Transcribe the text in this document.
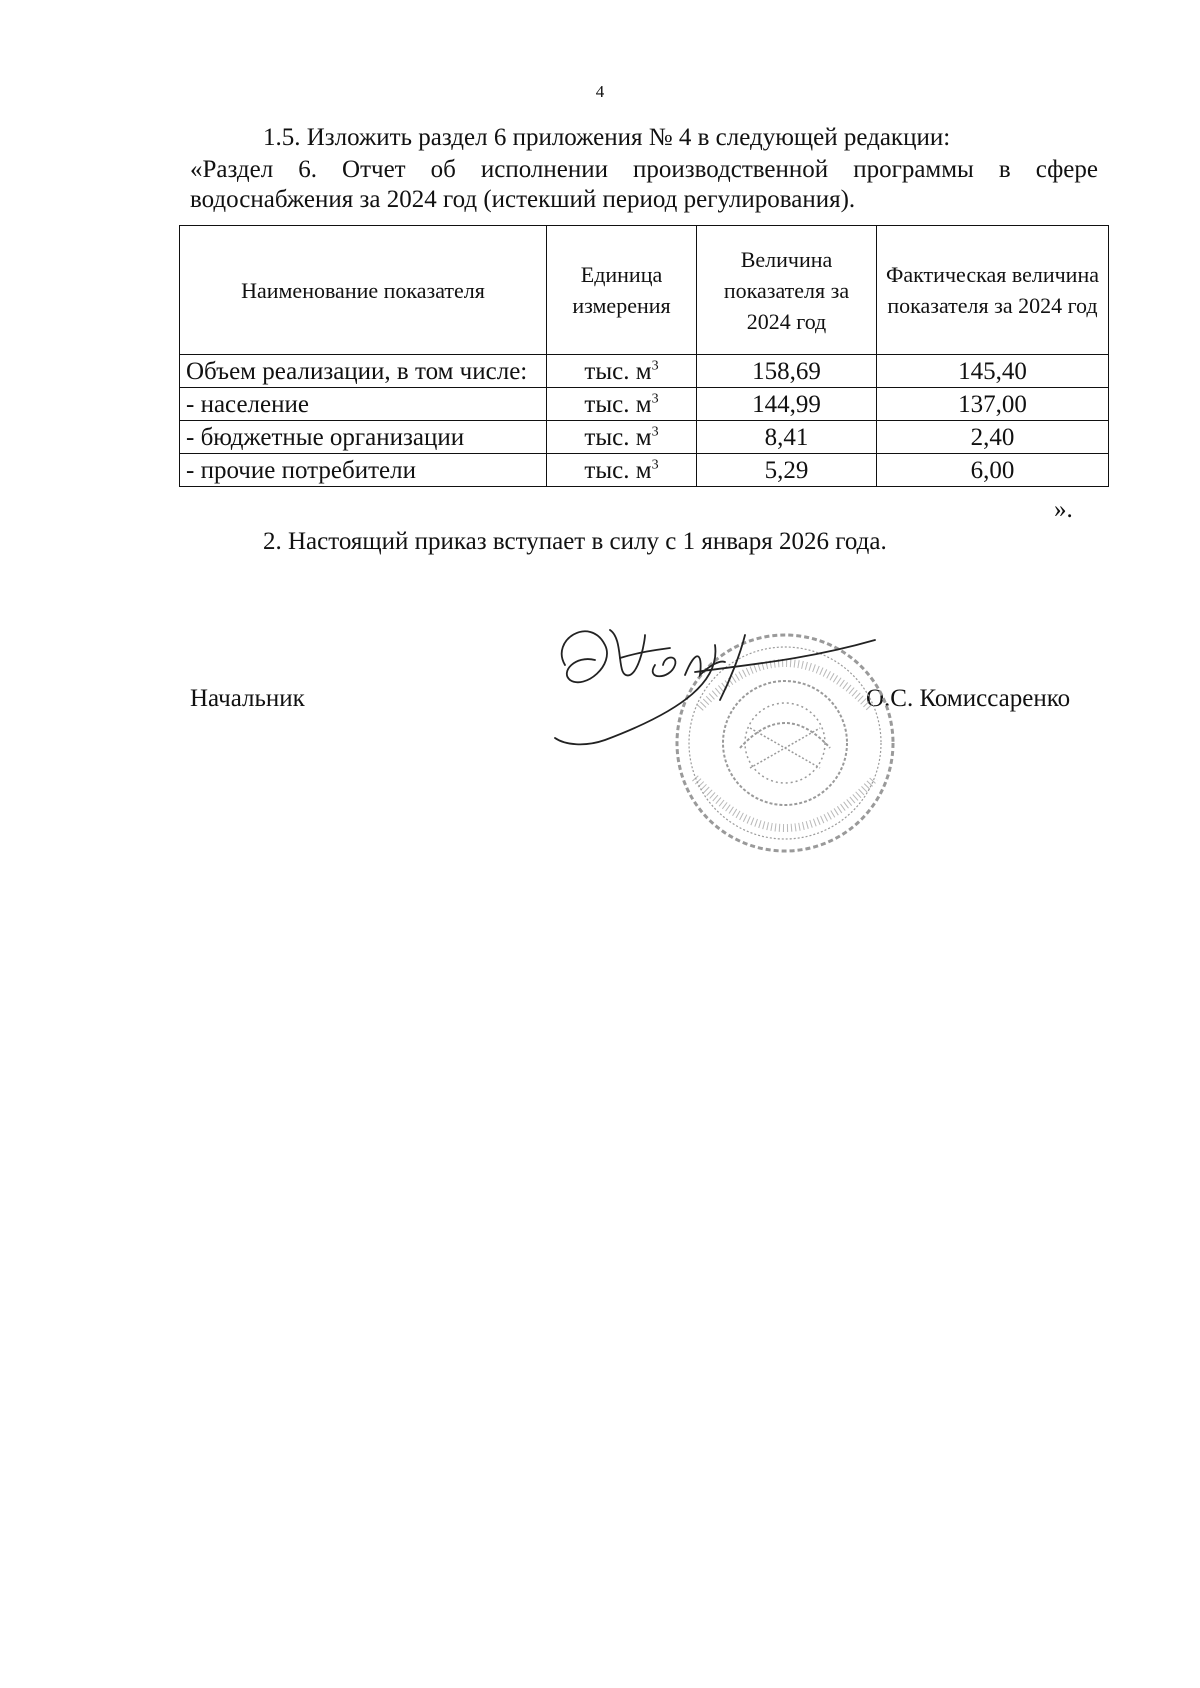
4
1.5. Изложить раздел 6 приложения № 4 в следующей редакции:
«Раздел 6. Отчет об исполнении производственной программы в сфере
водоснабжения за 2024 год (истекший период регулирования).
Наименование показателя	Единица измерения	Величина показателя за 2024 год	Фактическая величина показателя за 2024 год
Объем реализации, в том числе:	тыс. $м^3$	158,69	145,40
- население	тыс. $м^3$	144,99	137,00
- бюджетные организации	тыс. $м^3$	8,41	2,40
- прочие потребители	тыс. $м^3$	5,29	6,00
».
2. Настоящий приказ вступает в силу с 1 января 2026 года.
Начальник	О.С. Комиссаренко
